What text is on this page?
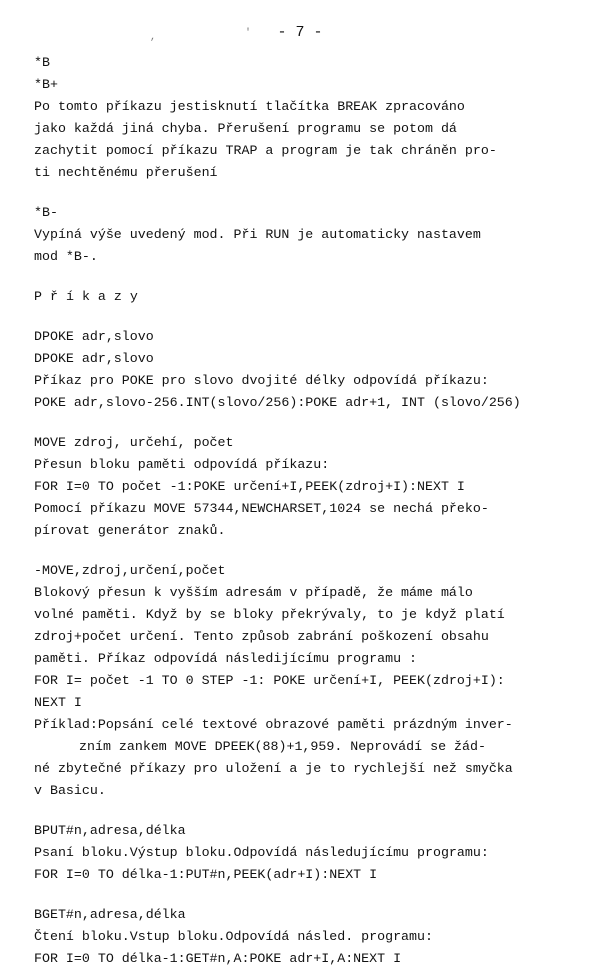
,	'	- 7 -
*B
*B+
Po tomto příkazu jestisknutí tlačítka BREAK zpracováno
jako každá jiná chyba. Přerušení programu se potom dá
zachytit pomocí příkazu TRAP a program je tak chráněn pro-
ti nechtěnému přerušení
*B-
Vypíná výše uvedený mod. Při RUN je automaticky nastavem
mod *B-.
Příkazy
DPOKE adr,slovo
DPOKE adr,slovo
Příkaz pro POKE pro slovo dvojité délky odpovídá příkazu:
POKE adr,slovo-256.INT(slovo/256):POKE adr+1, INT (slovo/256)
MOVE zdroj, určehí, počet
Přesun bloku paměti odpovídá příkazu:
FOR I=0 TO počet -1:POKE určení+I,PEEK(zdroj+I):NEXT I
Pomocí příkazu MOVE 57344,NEWCHARSET,1024 se nechá překo-
pírovat generátor znaků.
-MOVE,zdroj,určení,počet
Blokový přesun k vyšším adresám v případě, že máme málo
volné paměti. Když by se bloky překrývaly, to je když platí
zdroj+počet určení. Tento způsob zabrání poškození obsahu
paměti. Příkaz odpovídá následijícímu programu :
FOR I= počet -1 TO 0 STEP -1: POKE určení+I, PEEK(zdroj+I):
NEXT I
Příklad:Popsání celé textové obrazové paměti prázdným inver-
zním zankem MOVE DPEEK(88)+1,959. Neprovádí se žád-
né zbytečné příkazy pro uložení a je to rychlejší než smyčka
v Basicu.
BPUT#n,adresa,délka
Psaní bloku.Výstup bloku.Odpovídá následujícímu programu:
FOR I=0 TO délka-1:PUT#n,PEEK(adr+I):NEXT I
BGET#n,adresa,délka
Čtení bloku.Vstup bloku.Odpovídá násled. programu:
FOR I=0 TO délka-1:GET#n,A:POKE adr+I,A:NEXT I
